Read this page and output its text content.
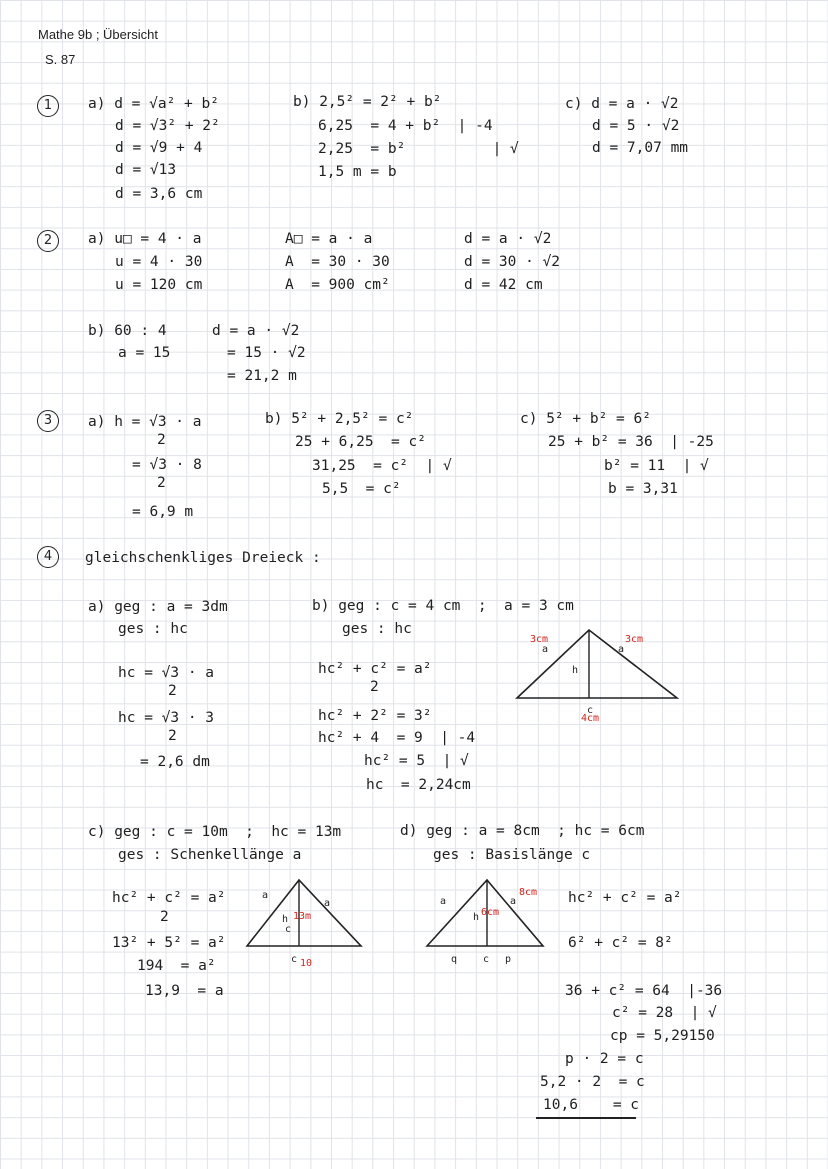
Mathe 9b ; Übersicht
S. 87
1	a) d = √a² + b²
d = √3² + 2²
d = √9 + 4
d = √13
d = 3,6 cm
b) 2,5² = 2² + b²
6,25  = 4 + b²  | -4
2,25  = b²          | √
1,5 m = b
c) d = a · √2
d = 5 · √2
d = 7,07 mm
2	a) u□ = 4 · a
u = 4 · 30
u = 120 cm
A□ = a · a
A  = 30 · 30
A  = 900 cm²
d = a · √2
d = 30 · √2
d = 42 cm
b) 60 : 4
a = 15
d = a · √2
= 15 · √2
= 21,2 m
3	a) h = √3 · a
2
= √3 · 8
2
= 6,9 m
b) 5² + 2,5² = c²
25 + 6,25  = c²
31,25  = c²  | √
5,5  = c²
c) 5² + b² = 6²
25 + b² = 36  | -25
b² = 11  | √
b = 3,31
4	gleichschenkliges Dreieck :
a) geg : a = 3dm
ges : hc
hc = √3 · a
2
hc = √3 · 3
2
= 2,6 dm
b) geg : c = 4 cm  ;  a = 3 cm
ges : hc
hc² + c² = a²
2
hc² + 2² = 3²
hc² + 4  = 9  | -4
hc² = 5  | √
hc  = 2,24cm
3cm
a
3cm
a
h
c
4cm
c) geg : c = 10m  ;  hc = 13m
ges : Schenkellänge a
hc² + c² = a²
2
13² + 5² = a²
194  = a²
13,9  = a
a
a
h
c
13m
c 10
d) geg : a = 8cm  ; hc = 6cm
ges : Basislänge c
hc² + c² = a²
6² + c² = 8²
36 + c² = 64  |-36
c² = 28  | √
cp = 5,29150
p · 2 = c
5,2 · 2  = c
10,6    = c
a	a
8cm
h 6cm
q	c p
